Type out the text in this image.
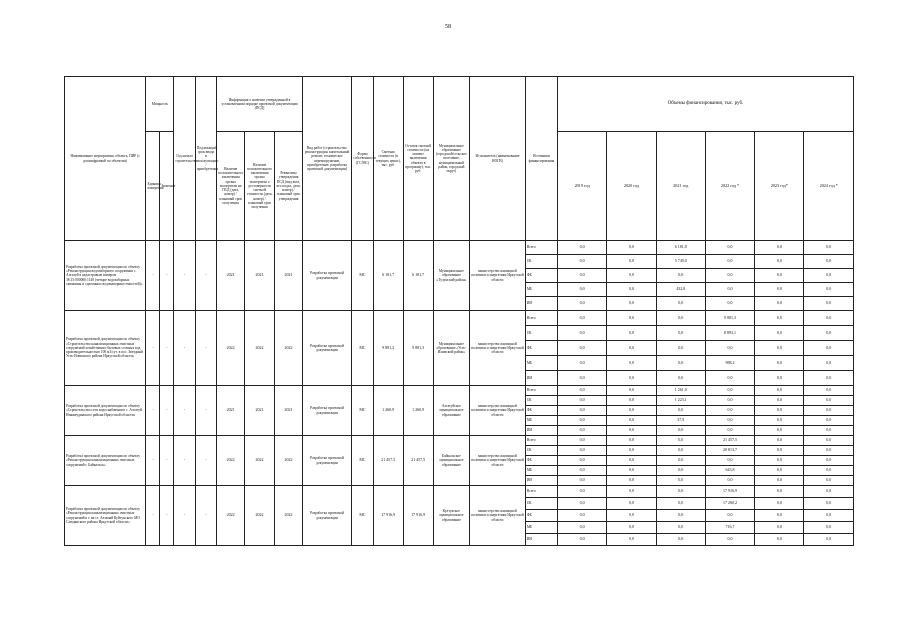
58
Наименование мероприятия, объекта, ПИР (с расшифровкой по объектам)	Мощность		Год начала строительства	Подлежащий срок ввода в эксплуатацию / приобретения	Информация о наличии утвержденной в установленном порядке проектной документации (ПСД)			Вид работ (строительство, реконструкция, капитальный ремонт, техническое перевооружение, приобретение, разработка проектной документации)	Форма собственности (ГС/МС)	Сметная стоимость (в текущих ценах), тыс. руб.	Остаток сметной стоимости (на момент включения объекта в программу), тыс. руб.	Муниципальное образование (городской/сельское поселение, муниципальный район, городской округ)	Исполнитель (наименование ИОГВ)	Источники финансирования	Объемы финансирования, тыс. руб.					
	Единица измерения	Значение			Наличие положительного заключения органа экспертизы на ПСД (дата, номер) / плановый срок получения	Наличие положительного заключения органа экспертизы о достоверности сметной стоимости (дата, номер) / плановый срок получения	Реквизиты утверждения ПСД (вид акта, кто подал, дата, номер) / плановый срок утверждения								2019 год	2020 год	2021 год	2022 год *	2023 год*	2024 год *
Разработка проектной документации по объекту «Реконструкция водозаборного сооружения с. Алгатуй в кадастровым номером 38:15:000000:1148 (четыре водозаборных скважины и сдвоенных водонапорных емкостей)»	-	-	-	-	2021	2021	2021	Разработка проектной документации	МС	6 181,7	6 181,7	Муниципальное образование «Тулунский район»	министерство жилищной политики и энергетики Иркутской области	Всего	0,0	0,0	6 181,8	0,0	0,0	0,0
														ОБ	0,0	0,0	5 749,0	0,0	0,0	0,0
														ФБ	0,0	0,0	0,0	0,0	0,0	0,0
														МБ	0,0	0,0	432,8	0,0	0,0	0,0
														ИИ	0,0	0,0	0,0	0,0	0,0	0,0
Разработка проектной документации по объекту «Строительство канализационных очистных сооружений хозяйственно-бытовых сточных вод производительностью 100 м3/сут. в пос. Звездный Усть-Илимского района Иркутской области»	-	-	-	-	2022	2022	2022	Разработка проектной документации	МС	9 881,3	9 881,3	Муниципальное образование «Усть-Илимский район»	министерство жилищной политики и энергетики Иркутской области	Всего	0,0	0,0	0,0	9 881,3	0,0	0,0
														ОБ	0,0	0,0	0,0	8 893,1	0,0	0,0
														ФБ	0,0	0,0	0,0	0,0	0,0	0,0
														МБ	0,0	0,0	0,0	988,2	0,0	0,0
														ИИ	0,0	0,0	0,0	0,0	0,0	0,0
Разработка проектной документации по объекту «Строительство сети водоснабжения в с. Алгатуй Нижнеудинского района Иркутской области»	-	-	-	-	2021	2021	2021	Разработка проектной документации	МС	1 260,9	1 260,9	Алгатуйское муниципальное образование	министерство жилищной политики и энергетики Иркутской области	Всего	0,0	0,0	1 261,0	0,0	0,0	0,0
														ОБ	0,0	0,0	1 223,1	0,0	0,0	0,0
														ФБ	0,0	0,0	0,0	0,0	0,0	0,0
														МБ	0,0	0,0	37,9	0,0	0,0	0,0
														ИИ	0,0	0,0	0,0	0,0	0,0	0,0
Разработка проектной документации по объекту «Реконструкция канализационных очистных сооружений г. Байкальск»	-	-	-	-	2022	2022	2022	Разработка проектной документации	МС	21 457,5	21 457,5	Байкальское муниципальное образование	министерство жилищной политики и энергетики Иркутской области	Всего	0,0	0,0	0,0	21 457,5	0,0	0,0
														ОБ	0,0	0,0	0,0	20 813,7	0,0	0,0
														ФБ	0,0	0,0	0,0	0,0	0,0	0,0
														МБ	0,0	0,0	0,0	643,8	0,0	0,0
														ИИ	0,0	0,0	0,0	0,0	0,0	0,0
Разработка проектной документации по объекту «Реконструкция канализационных очистных сооружений в г. на ст. Алзамай Куйтунского МО Слюдянского района Иркутской области»	-	-	-	-	2022	2022	2022	Разработка проектной документации	МС	17 916,9	17 916,9	Култукское муниципальное образование	министерство жилищной политики и энергетики Иркутской области	Всего	0,0	0,0	0,0	17 916,9	0,0	0,0
														ОБ	0,0	0,0	0,0	17 200,2	0,0	0,0
														ФБ	0,0	0,0	0,0	0,0	0,0	0,0
														МБ	0,0	0,0	0,0	716,7	0,0	0,0
														ИИ	0,0	0,0	0,0	0,0	0,0	0,0
